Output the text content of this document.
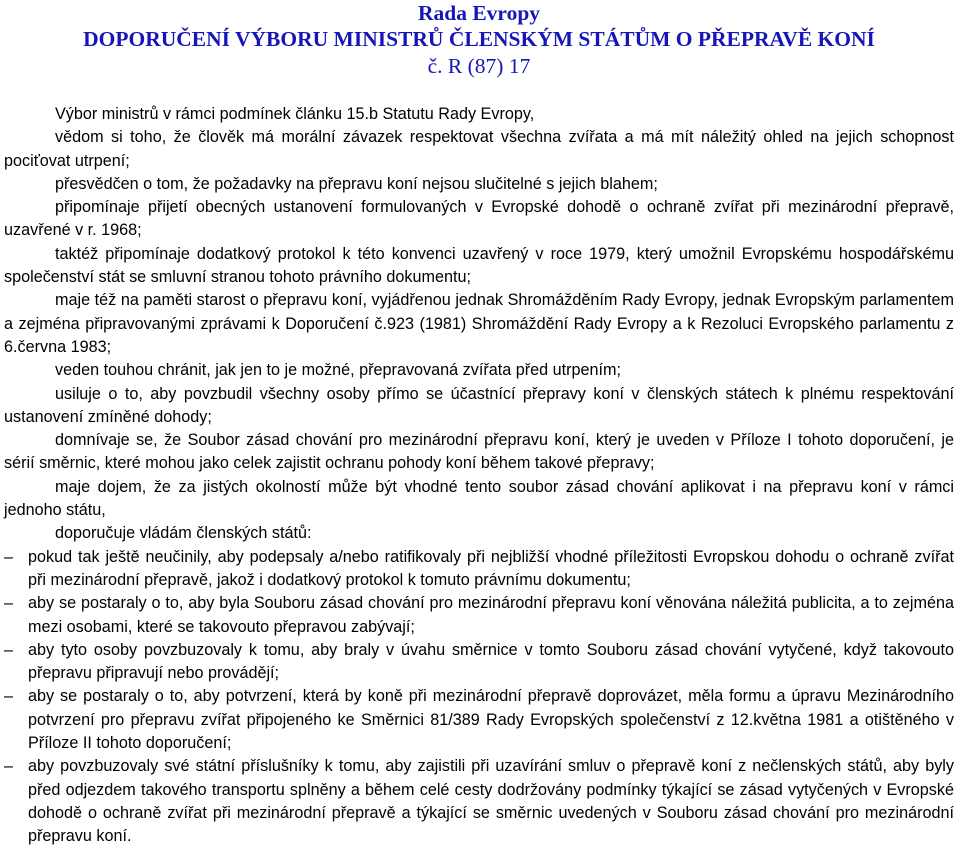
Rada Evropy
DOPORUČENÍ VÝBORU MINISTRŮ ČLENSKÝM STÁTŮM O PŘEPRAVĚ KONÍ
č. R (87) 17

Výbor ministrů v rámci podmínek článku 15.b Statutu Rady Evropy,

vědom si toho, že člověk má morální závazek respektovat všechna zvířata a má mít náležitý ohled na jejich schopnost pociťovat utrpení;

přesvědčen o tom, že požadavky na přepravu koní nejsou slučitelné s jejich blahem;

připomínaje přijetí obecných ustanovení formulovaných v Evropské dohodě o ochraně zvířat při mezinárodní přepravě, uzavřené v r. 1968;

taktéž připomínaje dodatkový protokol k této konvenci uzavřený v roce 1979, který umožnil Evropskému hospodářskému společenství stát se smluvní stranou tohoto právního dokumentu;

maje též na paměti starost o přepravu koní, vyjádřenou jednak Shromážděním Rady Evropy, jednak Evropským parlamentem a zejména připravovanými zprávami k Doporučení č.923 (1981) Shromáždění Rady Evropy a k Rezoluci Evropského parlamentu z 6.června 1983;

veden touhou chránit, jak jen to je možné, přepravovaná zvířata před utrpením;

usiluje o to, aby povzbudil všechny osoby přímo se účastnící přepravy koní v členských státech k plnému respektování ustanovení zmíněné dohody;

domnívaje se, že Soubor zásad chování pro mezinárodní přepravu koní, který je uveden v Příloze I tohoto doporučení, je sérií směrnic, které mohou jako celek zajistit ochranu pohody koní během takové přepravy;

maje dojem, že za jistých okolností může být vhodné tento soubor zásad chování aplikovat i na přepravu koní v rámci jednoho státu,

doporučuje vládám členských států:

– pokud tak ještě neučinily, aby podepsaly a/nebo ratifikovaly při nejbližší vhodné příležitosti Evropskou dohodu o ochraně zvířat při mezinárodní přepravě, jakož i dodatkový protokol k tomuto právnímu dokumentu;
– aby se postaraly o to, aby byla Souboru zásad chování pro mezinárodní přepravu koní věnována náležitá publicita, a to zejména mezi osobami, které se takovouto přepravou zabývají;
– aby tyto osoby povzbuzovaly k tomu, aby braly v úvahu směrnice v tomto Souboru zásad chování vytyčené, když takovouto přepravu připravují nebo provádějí;
– aby se postaraly o to, aby potvrzení, která by koně při mezinárodní přepravě doprovázet, měla formu a úpravu Mezinárodního potvrzení pro přepravu zvířat připojeného ke Směrnici 81/389 Rady Evropských společenství z 12.května 1981 a otištěného v Příloze II tohoto doporučení;
– aby povzbuzovaly své státní příslušníky k tomu, aby zajistili při uzavírání smluv o přepravě koní z nečlenských států, aby byly před odjezdem takového transportu splněny a během celé cesty dodržovány podmínky týkající se zásad vytyčených v Evropské dohodě o ochraně zvířat při mezinárodní přepravě a týkající se směrnic uvedených v Souboru zásad chování pro mezinárodní přepravu koní.
